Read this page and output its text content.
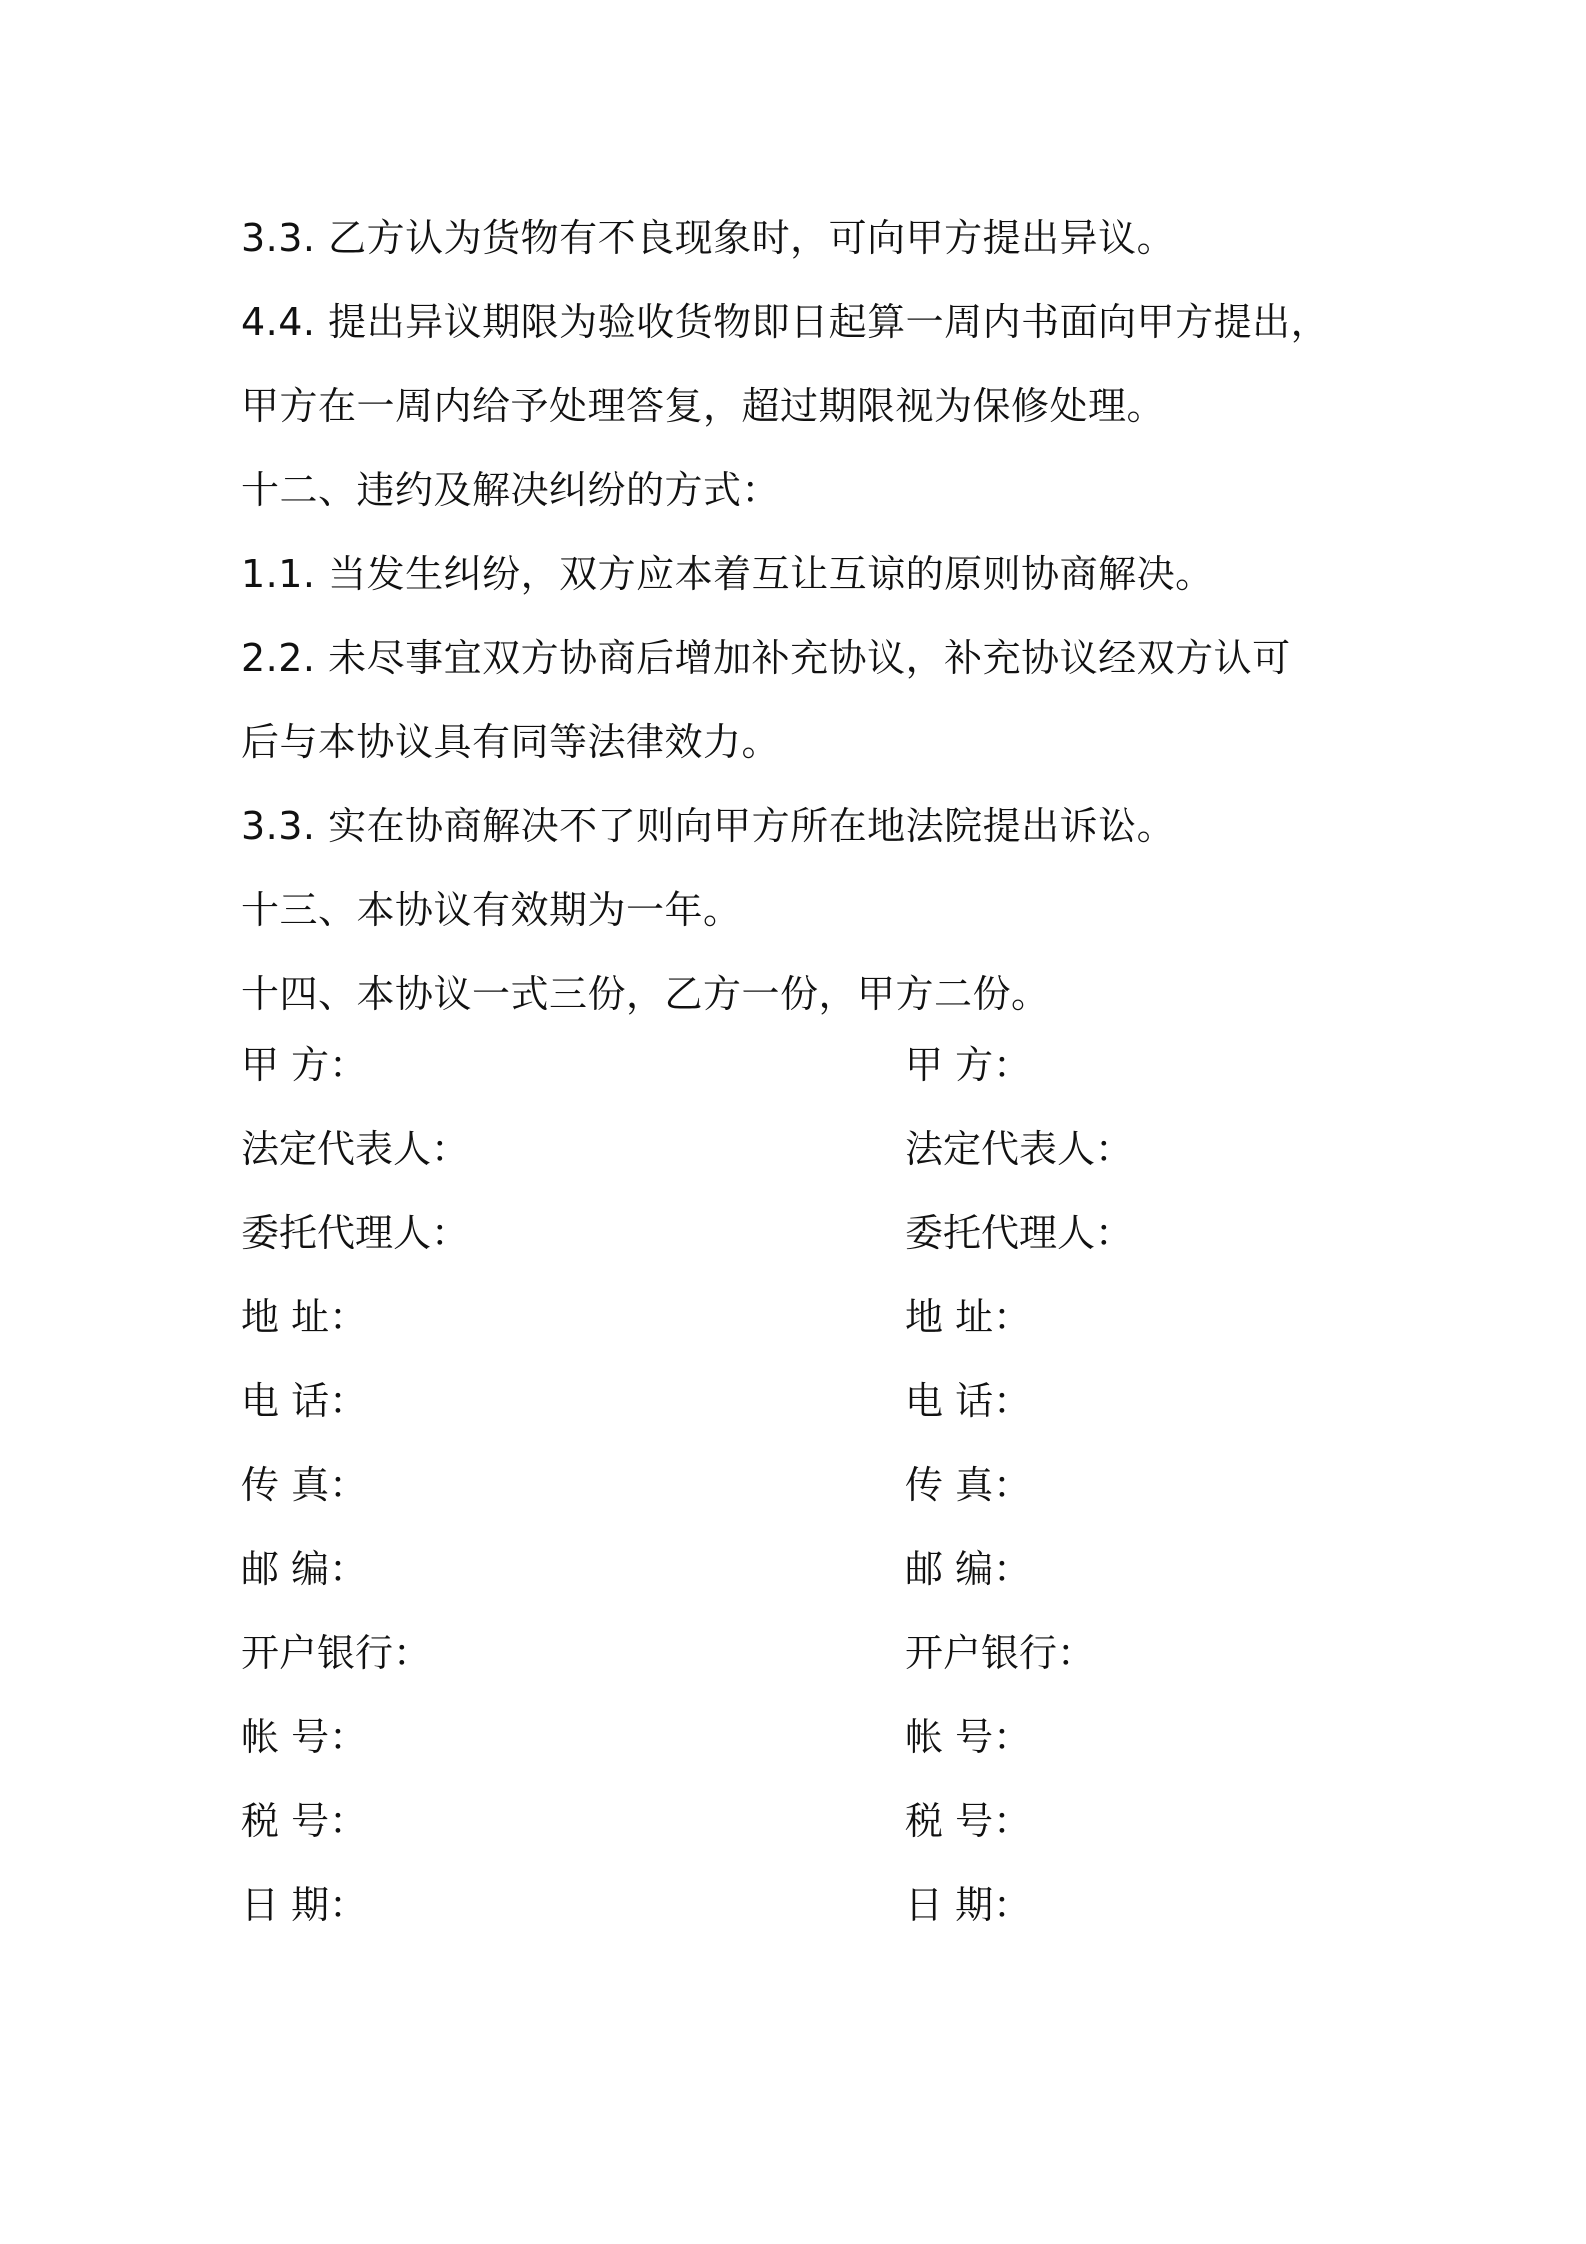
3.3. 乙方认为货物有不良现象时，可向甲方提出异议。
4.4. 提出异议期限为验收货物即日起算一周内书面向甲方提出，
甲方在一周内给予处理答复，超过期限视为保修处理。
十二、违约及解决纠纷的方式：
1.1. 当发生纠纷，双方应本着互让互谅的原则协商解决。
2.2. 未尽事宜双方协商后增加补充协议，补充协议经双方认可
后与本协议具有同等法律效力。
3.3. 实在协商解决不了则向甲方所在地法院提出诉讼。
十三、本协议有效期为一年。
十四、本协议一式三份，乙方一份，甲方二份。
甲 方：	甲 方：
法定代表人：	法定代表人：
委托代理人：	委托代理人：
地 址：	地 址：
电 话：	电 话：
传 真：	传 真：
邮 编：	邮 编：
开户银行：	开户银行：
帐 号：	帐 号：
税 号：	税 号：
日 期：	日 期：
